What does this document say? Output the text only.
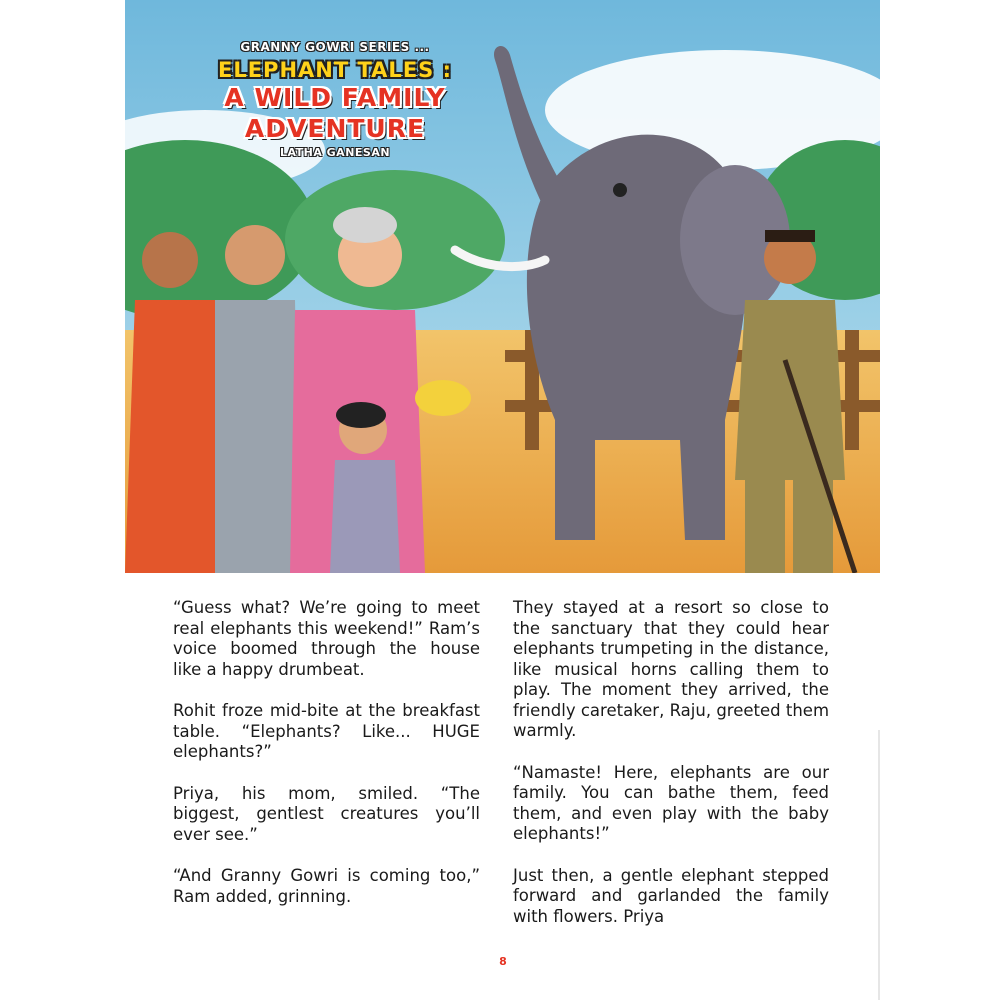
GRANNY GOWRI SERIES ...
ELEPHANT TALES :
A WILD FAMILY
ADVENTURE
LATHA GANESAN

“Guess what? We’re going to meet real elephants this weekend!” Ram’s voice boomed through the house like a happy drumbeat.

Rohit froze mid-bite at the breakfast table. “Elephants? Like... HUGE elephants?”

Priya, his mom, smiled. “The biggest, gentlest creatures you’ll ever see.”

“And Granny Gowri is coming too,” Ram added, grinning.

They stayed at a resort so close to the sanctuary that they could hear elephants trumpeting in the distance, like musical horns calling them to play. The moment they arrived, the friendly caretaker, Raju, greeted them warmly.

“Namaste! Here, elephants are our family. You can bathe them, feed them, and even play with the baby elephants!”

Just then, a gentle elephant stepped forward and garlanded the family with flowers. Priya

8
